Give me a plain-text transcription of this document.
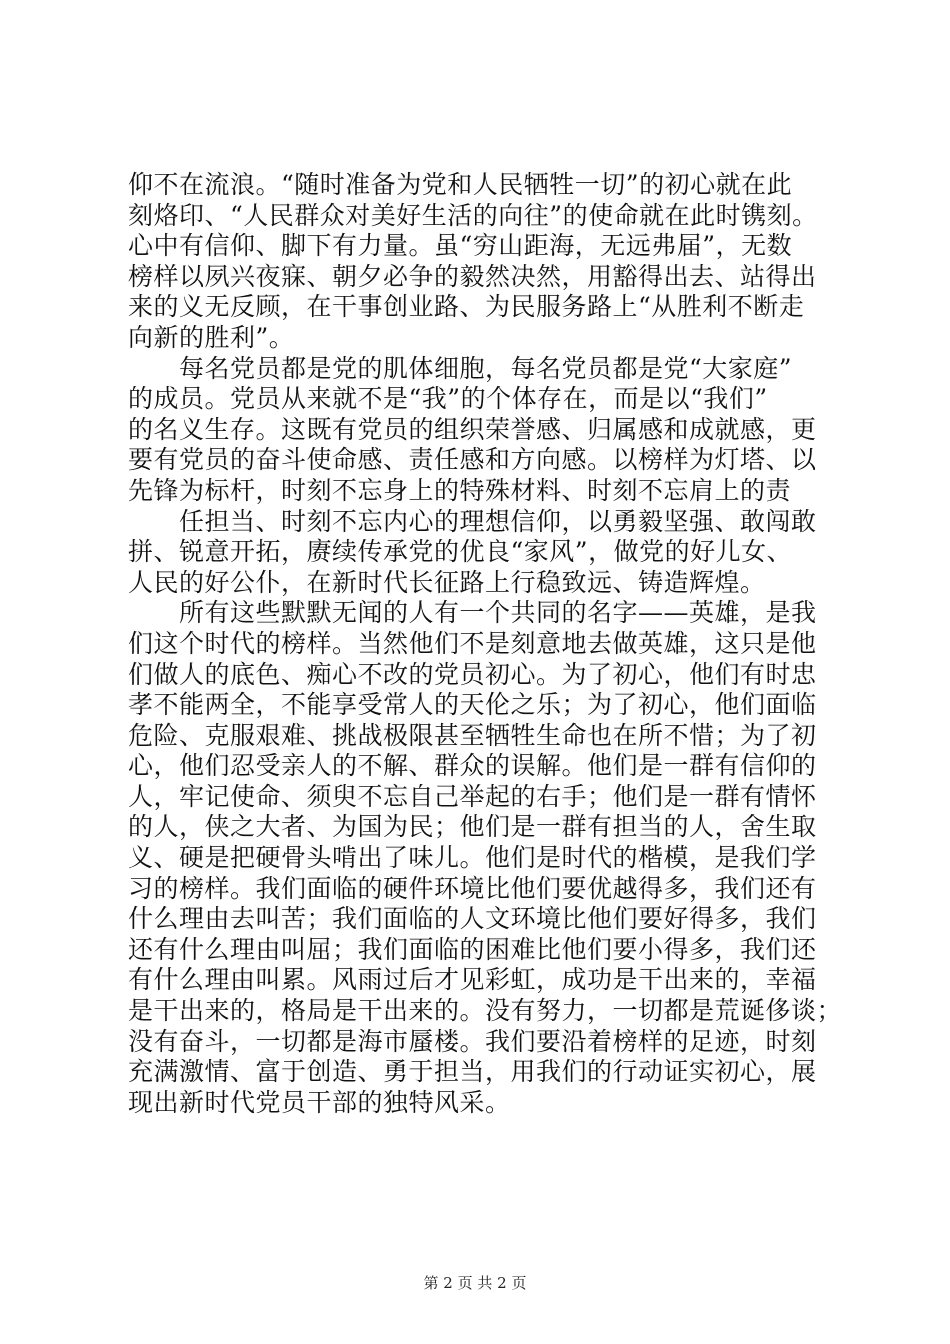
仰不在流浪。“随时准备为党和人民牺牲一切”的初心就在此
刻烙印、“人民群众对美好生活的向往”的使命就在此时镌刻。
心中有信仰、脚下有力量。虽“穷山距海，无远弗届”，无数
榜样以夙兴夜寐、朝夕必争的毅然决然，用豁得出去、站得出
来的义无反顾，在干事创业路、为民服务路上“从胜利不断走
向新的胜利”。
每名党员都是党的肌体细胞，每名党员都是党“大家庭”
的成员。党员从来就不是“我”的个体存在，而是以“我们”
的名义生存。这既有党员的组织荣誉感、归属感和成就感，更
要有党员的奋斗使命感、责任感和方向感。以榜样为灯塔、以
先锋为标杆，时刻不忘身上的特殊材料、时刻不忘肩上的责
任担当、时刻不忘内心的理想信仰，以勇毅坚强、敢闯敢
拼、锐意开拓，赓续传承党的优良“家风”，做党的好儿女、
人民的好公仆，在新时代长征路上行稳致远、铸造辉煌。
所有这些默默无闻的人有一个共同的名字——英雄，是我
们这个时代的榜样。当然他们不是刻意地去做英雄，这只是他
们做人的底色、痴心不改的党员初心。为了初心，他们有时忠
孝不能两全，不能享受常人的天伦之乐；为了初心，他们面临
危险、克服艰难、挑战极限甚至牺牲生命也在所不惜；为了初
心，他们忍受亲人的不解、群众的误解。他们是一群有信仰的
人，牢记使命、须臾不忘自己举起的右手；他们是一群有情怀
的人，侠之大者、为国为民；他们是一群有担当的人，舍生取
义、硬是把硬骨头啃出了味儿。他们是时代的楷模，是我们学
习的榜样。我们面临的硬件环境比他们要优越得多，我们还有
什么理由去叫苦；我们面临的人文环境比他们要好得多，我们
还有什么理由叫屈；我们面临的困难比他们要小得多，我们还
有什么理由叫累。风雨过后才见彩虹，成功是干出来的，幸福
是干出来的，格局是干出来的。没有努力，一切都是荒诞侈谈；
没有奋斗，一切都是海市蜃楼。我们要沿着榜样的足迹，时刻
充满激情、富于创造、勇于担当，用我们的行动证实初心，展
现出新时代党员干部的独特风采。
第 2 页 共 2 页
